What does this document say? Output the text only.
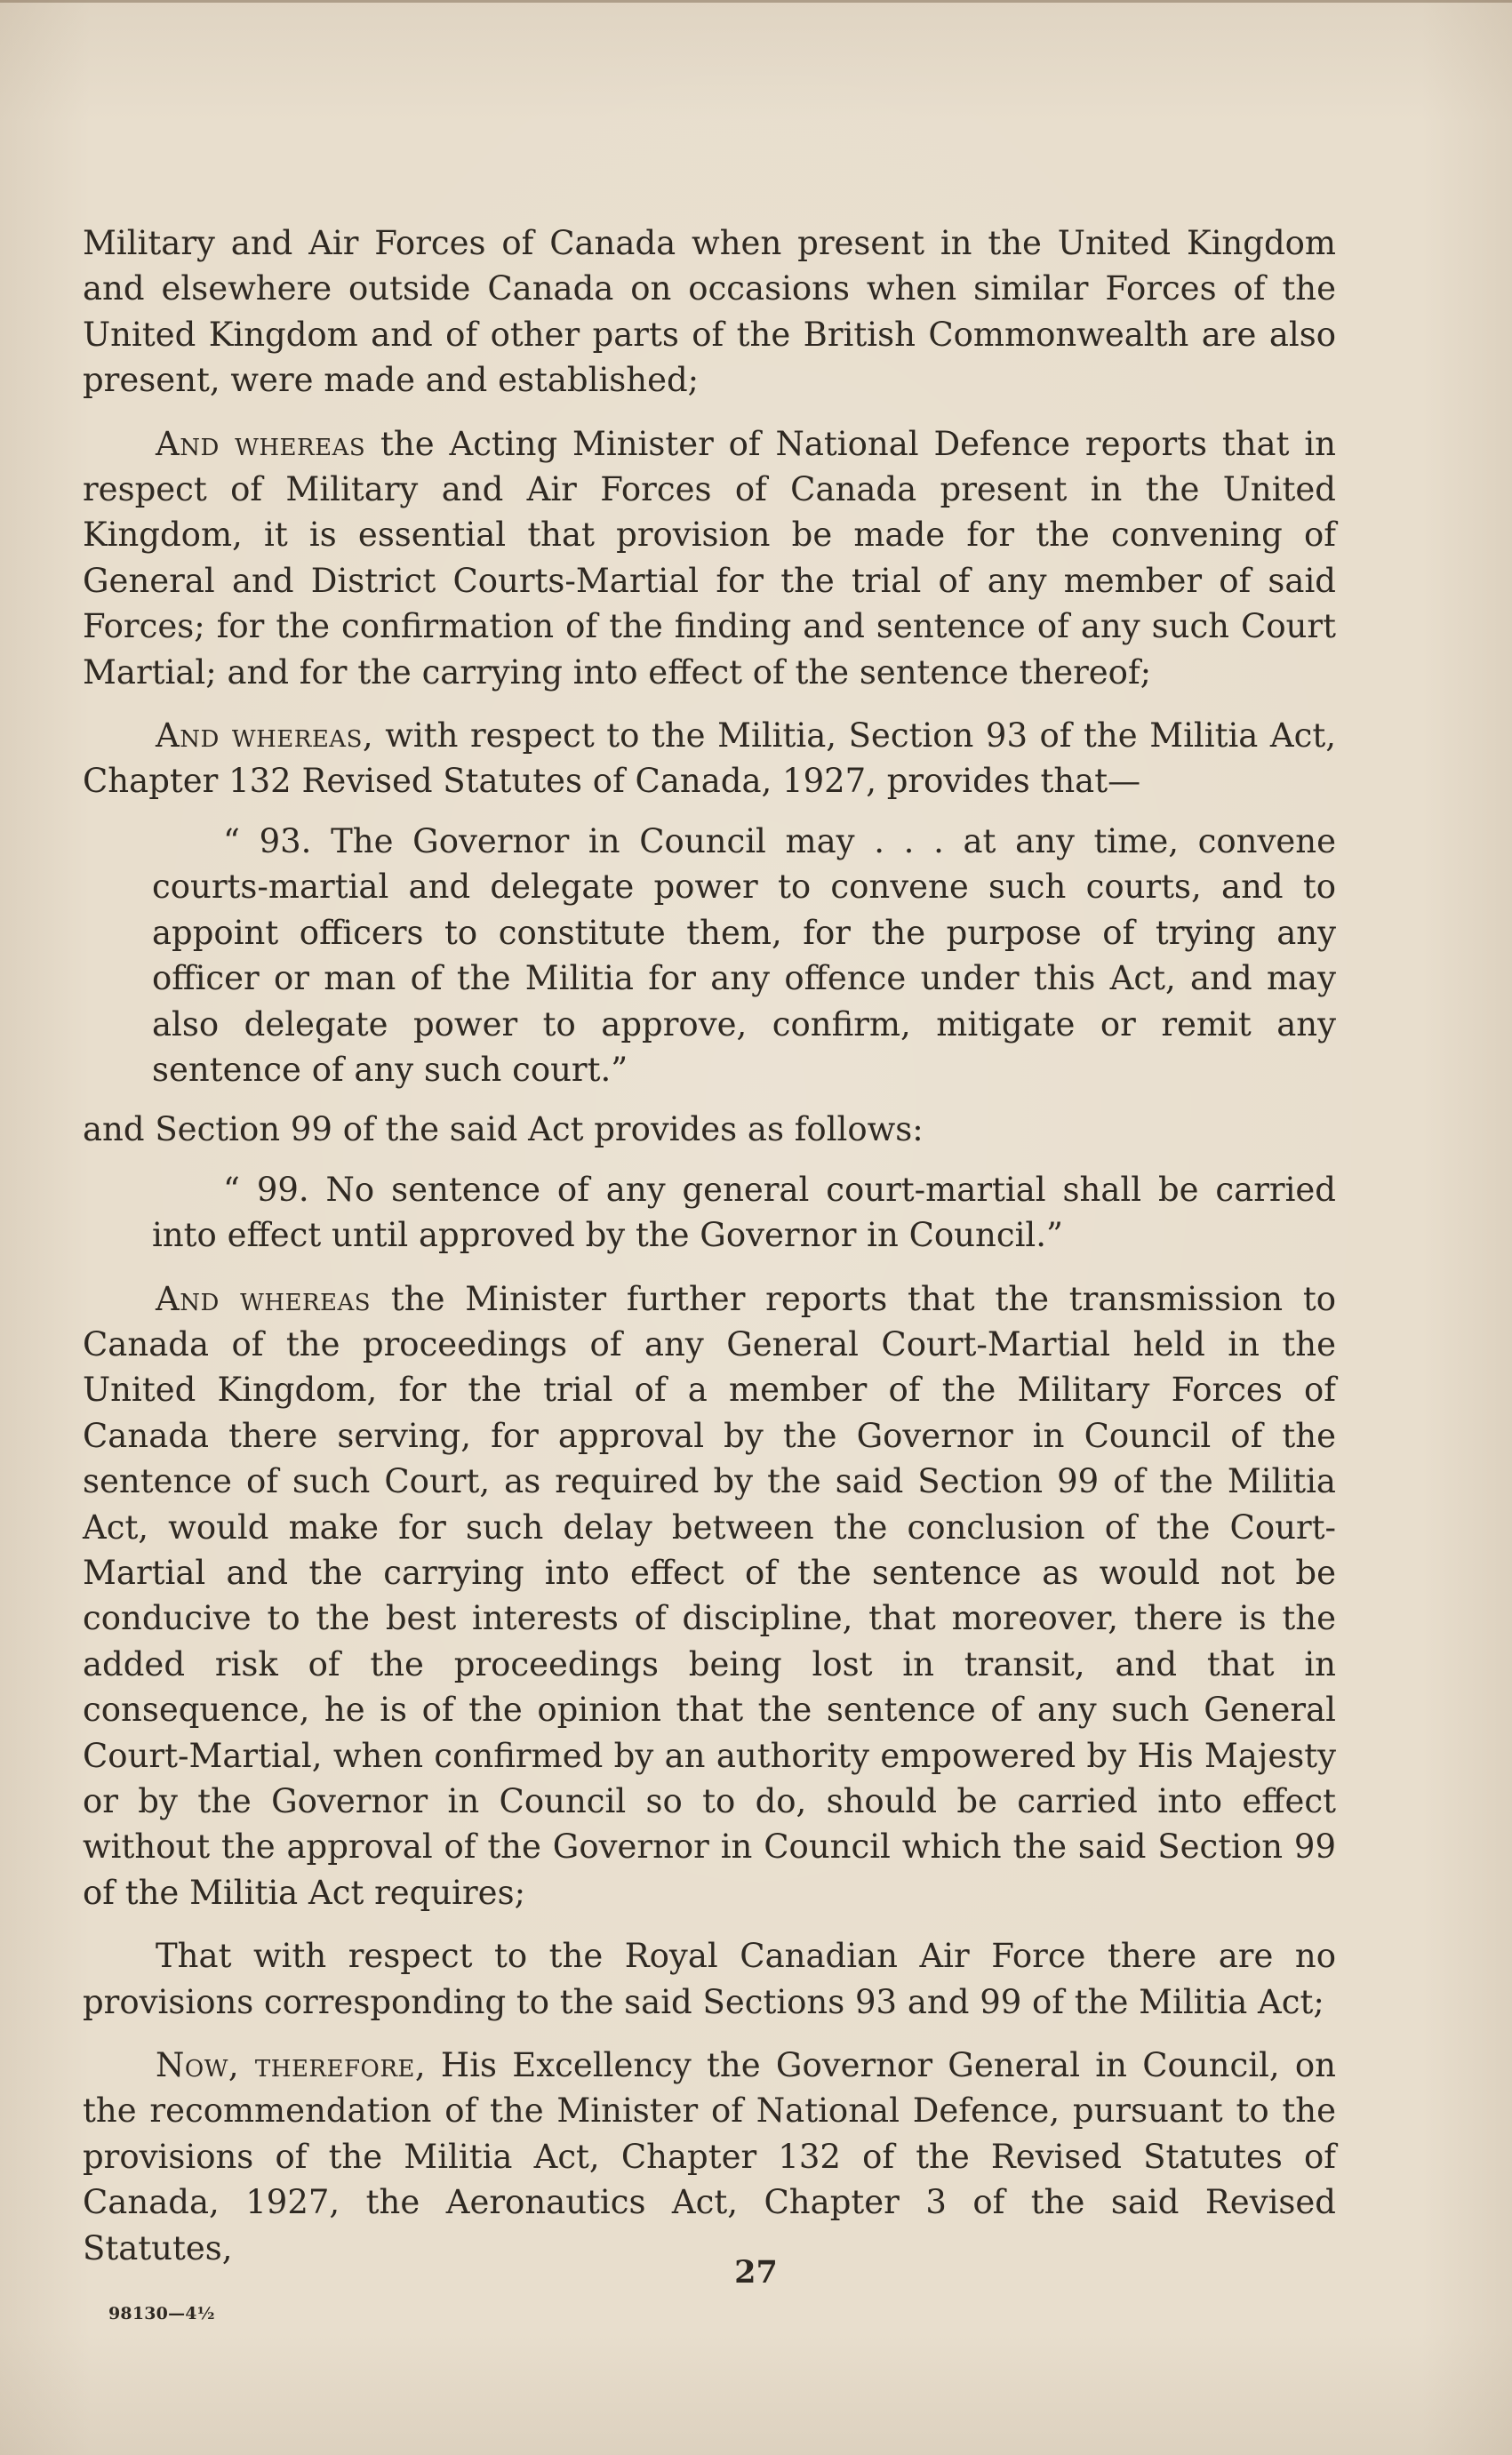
Military and Air Forces of Canada when present in the United Kingdom and elsewhere outside Canada on occasions when similar Forces of the United Kingdom and of other parts of the British Commonwealth are also present, were made and established;

And whereas the Acting Minister of National Defence reports that in respect of Military and Air Forces of Canada present in the United Kingdom, it is essential that provision be made for the convening of General and District Courts-Martial for the trial of any member of said Forces; for the confirmation of the finding and sentence of any such Court Martial; and for the carrying into effect of the sentence thereof;

And whereas, with respect to the Militia, Section 93 of the Militia Act, Chapter 132 Revised Statutes of Canada, 1927, provides that—

“ 93. The Governor in Council may . . . at any time, convene courts-martial and delegate power to convene such courts, and to appoint officers to constitute them, for the purpose of trying any officer or man of the Militia for any offence under this Act, and may also delegate power to approve, confirm, mitigate or remit any sentence of any such court.”

and Section 99 of the said Act provides as follows:

“ 99. No sentence of any general court-martial shall be carried into effect until approved by the Governor in Council.”

And whereas the Minister further reports that the transmission to Canada of the proceedings of any General Court-Martial held in the United Kingdom, for the trial of a member of the Military Forces of Canada there serving, for approval by the Governor in Council of the sentence of such Court, as required by the said Section 99 of the Militia Act, would make for such delay between the conclusion of the Court-Martial and the carrying into effect of the sentence as would not be conducive to the best interests of discipline, that moreover, there is the added risk of the proceedings being lost in transit, and that in consequence, he is of the opinion that the sentence of any such General Court-Martial, when confirmed by an authority empowered by His Majesty or by the Governor in Council so to do, should be carried into effect without the approval of the Governor in Council which the said Section 99 of the Militia Act requires;

That with respect to the Royal Canadian Air Force there are no provisions corresponding to the said Sections 93 and 99 of the Militia Act;

Now, therefore, His Excellency the Governor General in Council, on the recommendation of the Minister of National Defence, pursuant to the provisions of the Militia Act, Chapter 132 of the Revised Statutes of Canada, 1927, the Aeronautics Act, Chapter 3 of the said Revised Statutes,

27
98130—4½
